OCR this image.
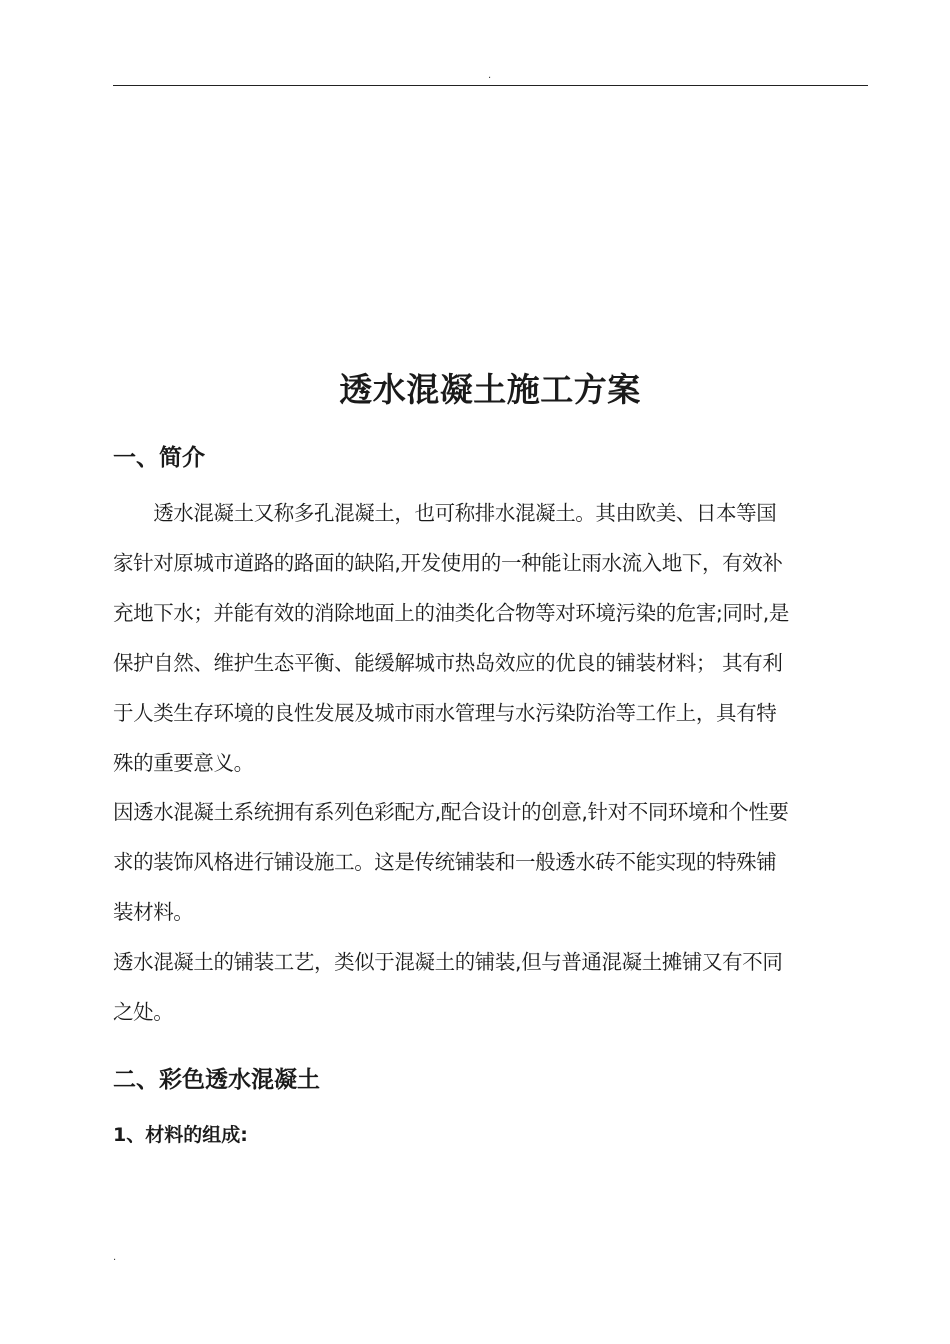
.
透水混凝土施工方案
一、简介
　　透水混凝土又称多孔混凝土，也可称排水混凝土。其由欧美、日本等国
家针对原城市道路的路面的缺陷,开发使用的一种能让雨水流入地下，有效补
充地下水；并能有效的消除地面上的油类化合物等对环境污染的危害;同时,是
保护自然、维护生态平衡、能缓解城市热岛效应的优良的铺装材料； 其有利
于人类生存环境的良性发展及城市雨水管理与水污染防治等工作上，具有特
殊的重要意义。
因透水混凝土系统拥有系列色彩配方,配合设计的创意,针对不同环境和个性要
求的装饰风格进行铺设施工。这是传统铺装和一般透水砖不能实现的特殊铺
装材料。
透水混凝土的铺装工艺，类似于混凝土的铺装,但与普通混凝土摊铺又有不同
之处。
二、彩色透水混凝土
1、材料的组成:
.
